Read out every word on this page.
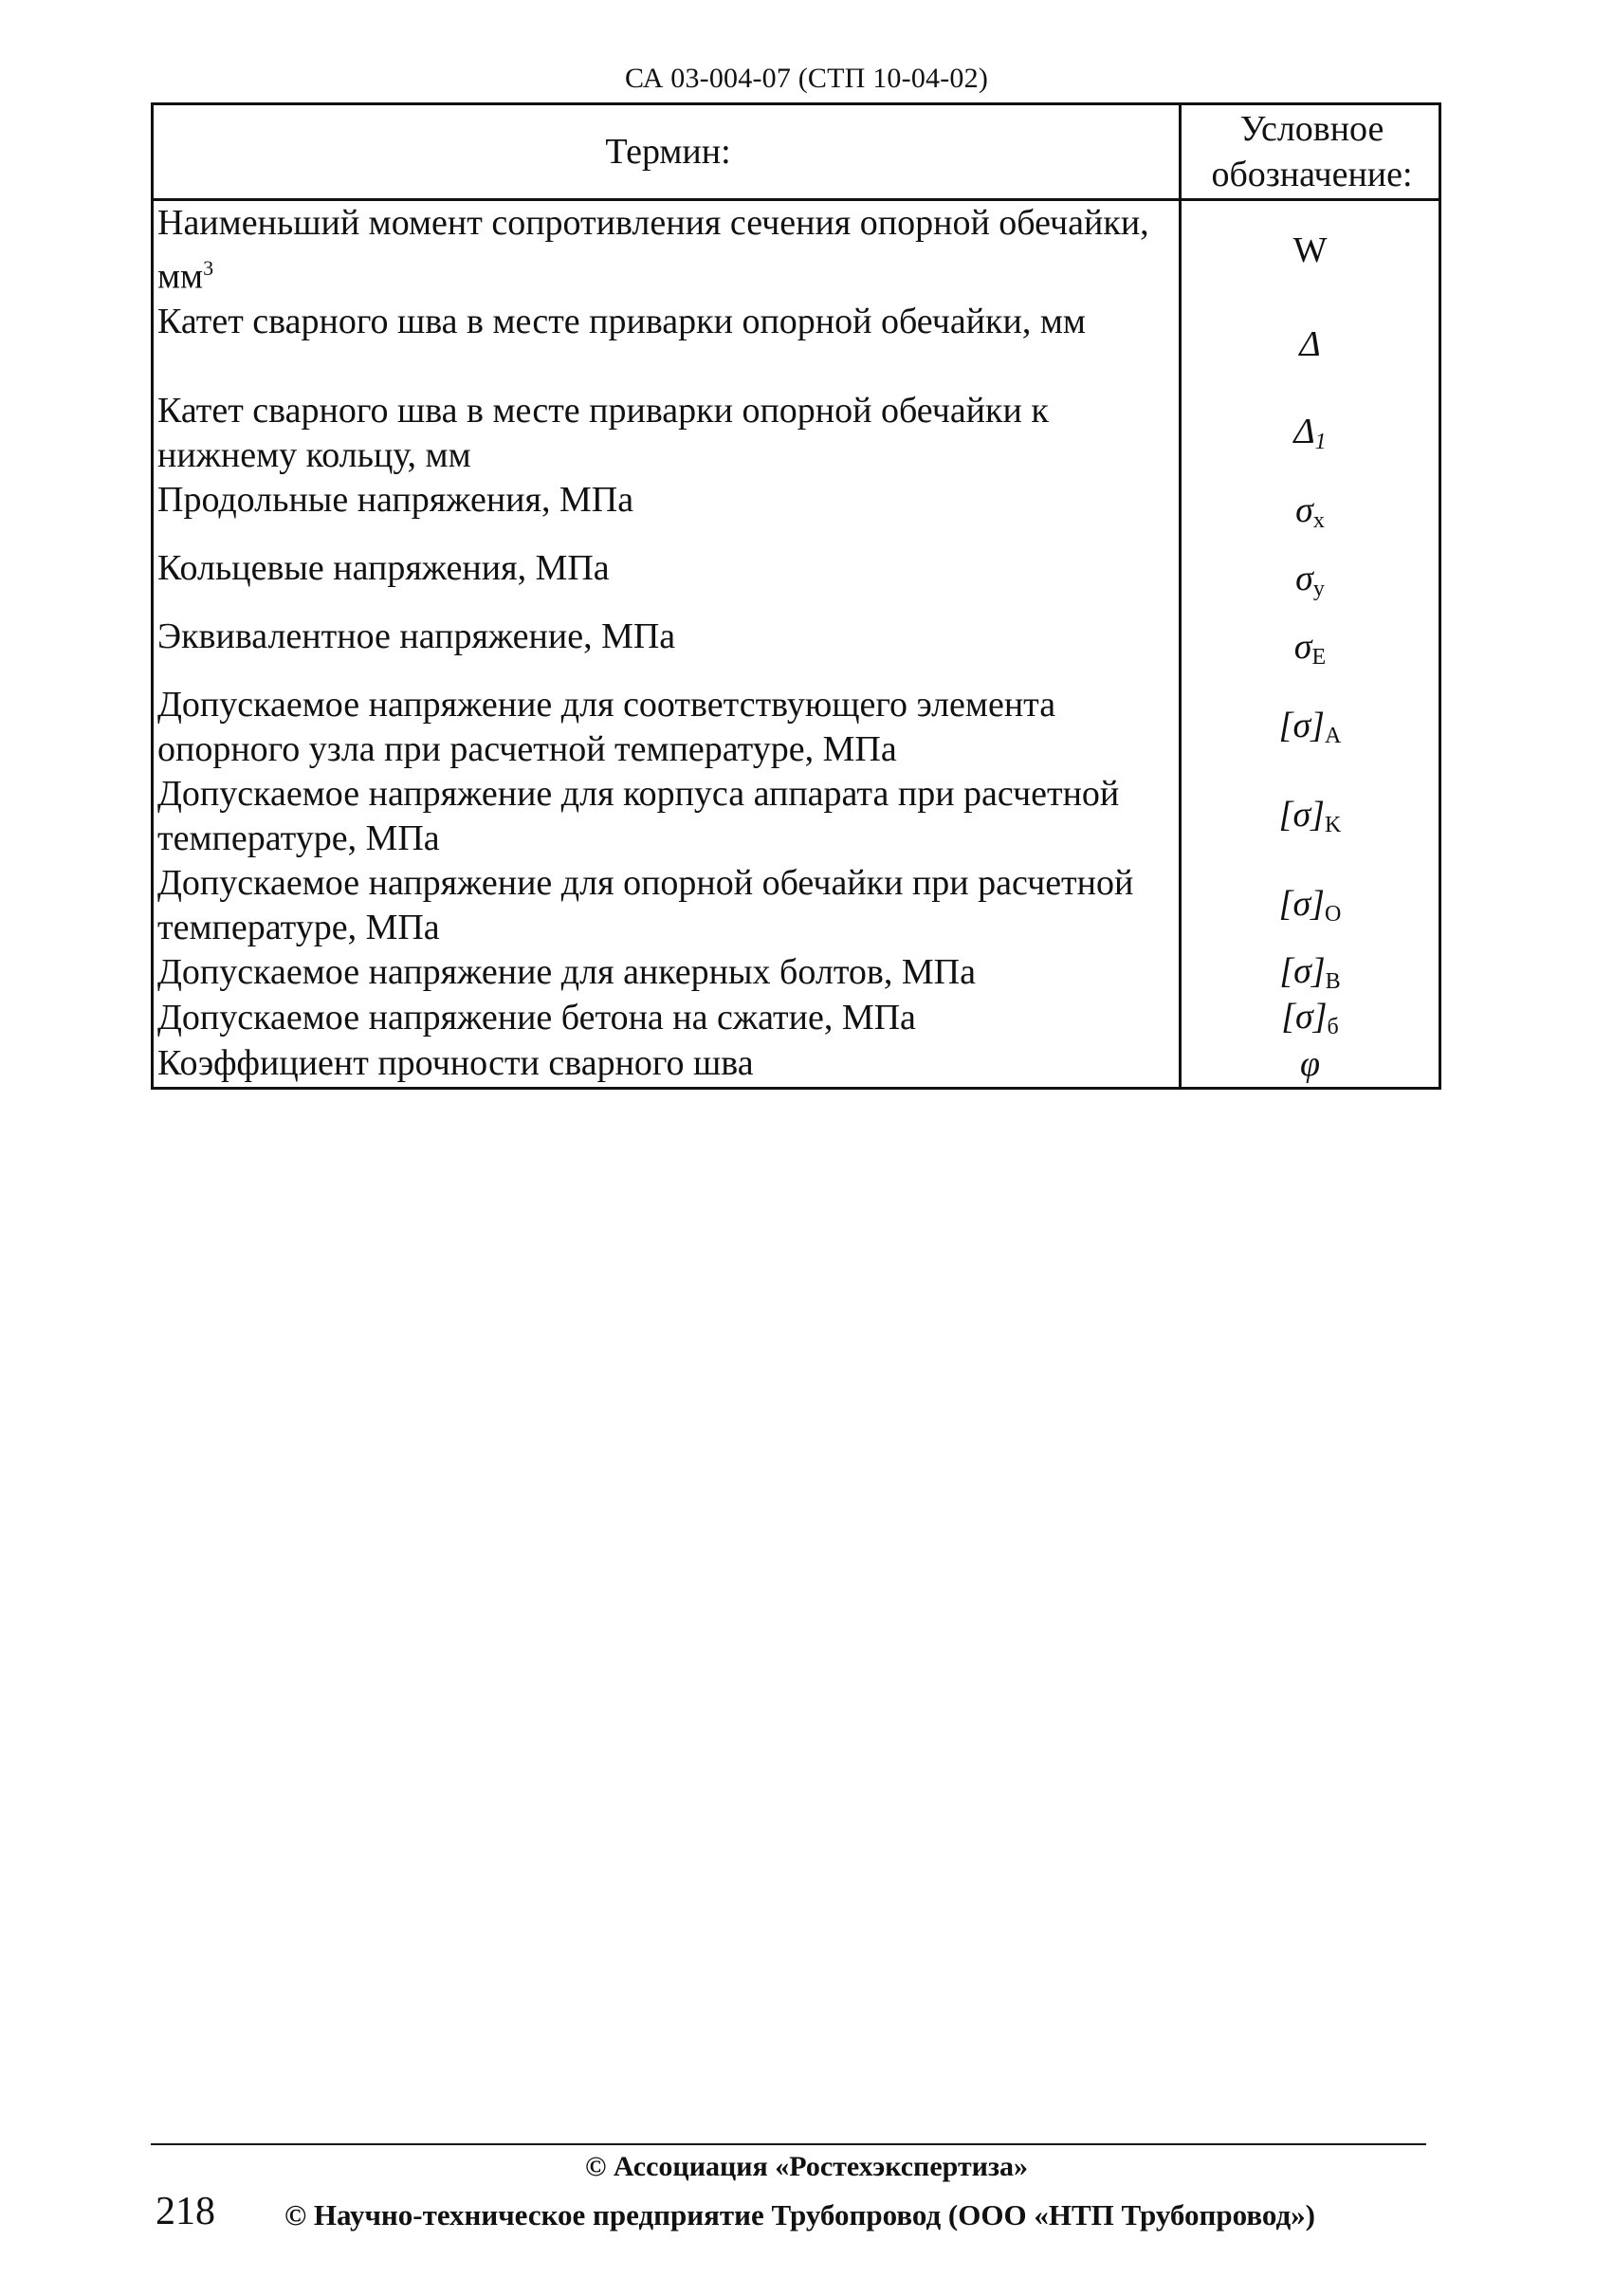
СА 03-004-07 (СТП 10-04-02)
Термин:	Условное обозначение:
Наименьший момент сопротивления сечения опорной обечайки, $мм^3$	W
Катет сварного шва в месте приварки опорной обечайки, мм	Δ
Катет сварного шва в месте приварки опорной обечайки к нижнему кольцу, мм	$\Delta_1$
Продольные напряжения, МПа	$\sigma_x$
Кольцевые напряжения, МПа	$\sigma_y$
Эквивалентное напряжение, МПа	$\sigma_E$
Допускаемое напряжение для соответствующего элемента опорного узла при расчетной температуре, МПа	$[\sigma]_A$
Допускаемое напряжение для корпуса аппарата при расчетной температуре, МПа	$[\sigma]_K$
Допускаемое напряжение для опорной обечайки при расчетной температуре, МПа	$[\sigma]_O$
Допускаемое напряжение для анкерных болтов, МПа	$[\sigma]_B$
Допускаемое напряжение бетона на сжатие, МПа	$[\sigma]_б$
Коэффициент прочности сварного шва	φ
© Ассоциация «Ростехэкспертиза»
218 © Научно-техническое предприятие Трубопровод (ООО «НТП Трубопровод»)
